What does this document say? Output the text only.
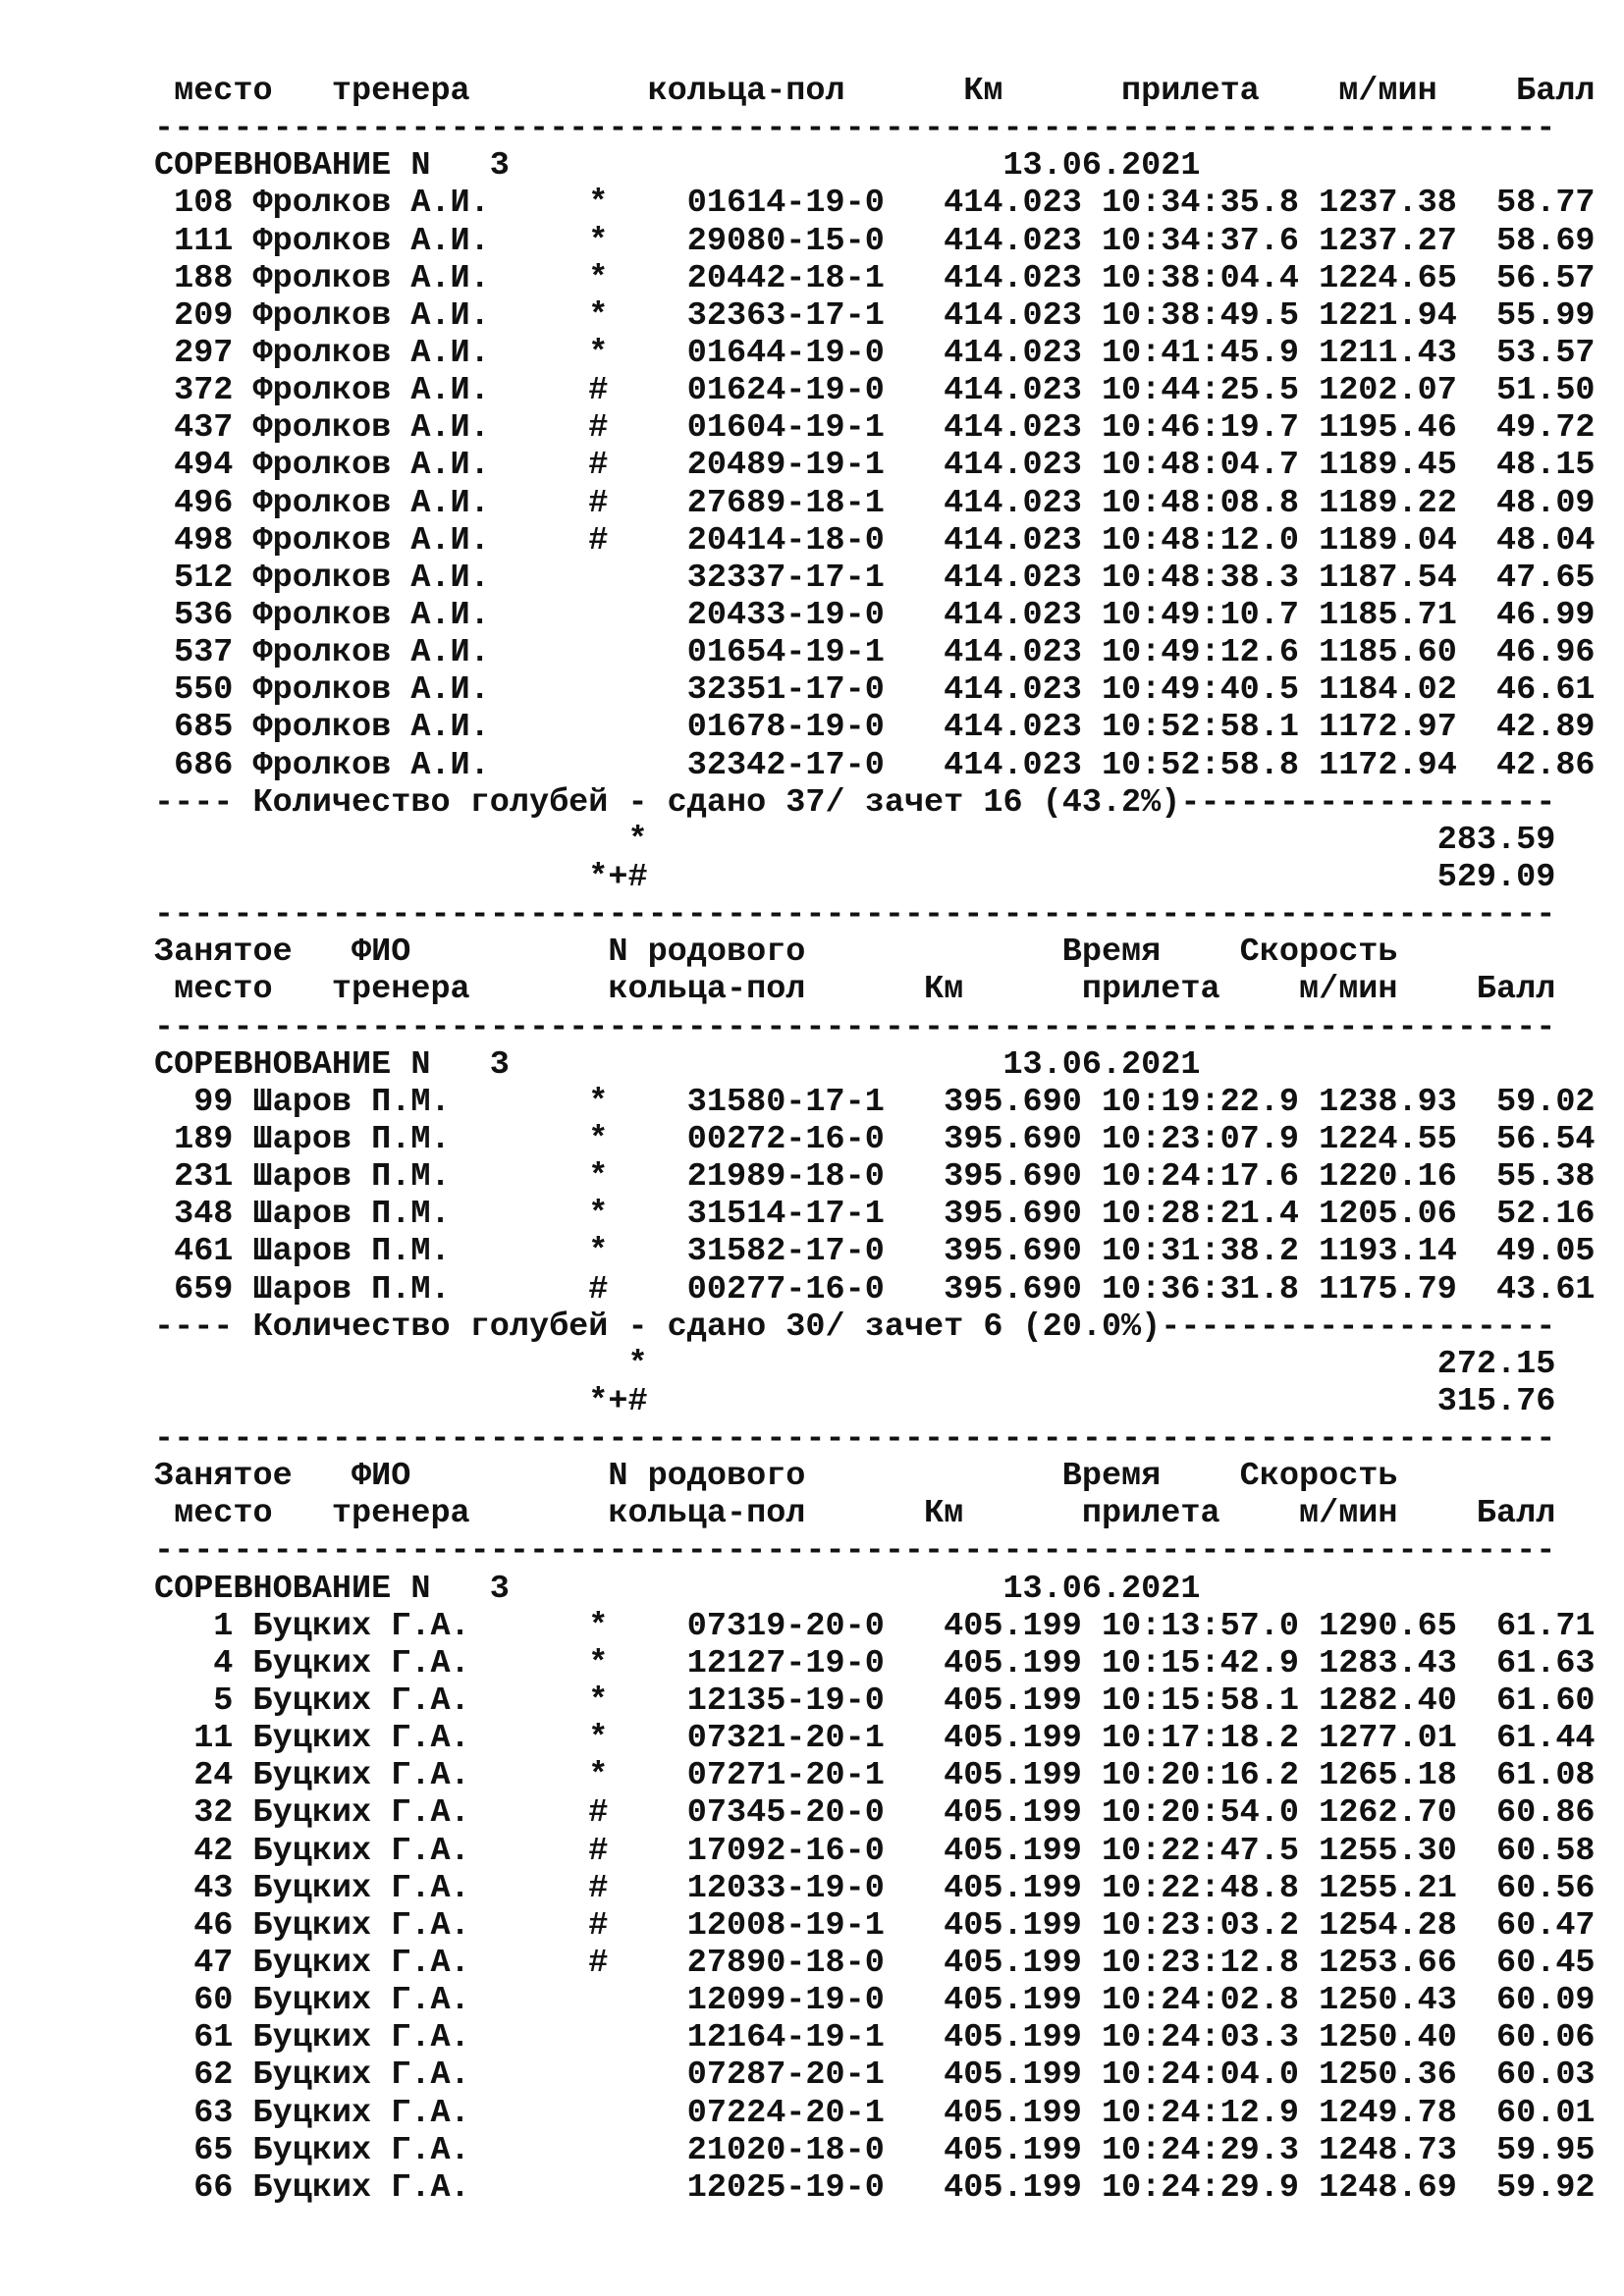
место   тренера         кольца-пол      Км      прилета    м/мин    Балл
-----------------------------------------------------------------------
СОРЕВНОВАНИЕ N   3                         13.06.2021
108 Фролков А.И.     *    01614-19-0   414.023 10:34:35.8 1237.38  58.77
111 Фролков А.И.     *    29080-15-0   414.023 10:34:37.6 1237.27  58.69
188 Фролков А.И.     *    20442-18-1   414.023 10:38:04.4 1224.65  56.57
209 Фролков А.И.     *    32363-17-1   414.023 10:38:49.5 1221.94  55.99
297 Фролков А.И.     *    01644-19-0   414.023 10:41:45.9 1211.43  53.57
372 Фролков А.И.     #    01624-19-0   414.023 10:44:25.5 1202.07  51.50
437 Фролков А.И.     #    01604-19-1   414.023 10:46:19.7 1195.46  49.72
494 Фролков А.И.     #    20489-19-1   414.023 10:48:04.7 1189.45  48.15
496 Фролков А.И.     #    27689-18-1   414.023 10:48:08.8 1189.22  48.09
498 Фролков А.И.     #    20414-18-0   414.023 10:48:12.0 1189.04  48.04
512 Фролков А.И.          32337-17-1   414.023 10:48:38.3 1187.54  47.65
536 Фролков А.И.          20433-19-0   414.023 10:49:10.7 1185.71  46.99
537 Фролков А.И.          01654-19-1   414.023 10:49:12.6 1185.60  46.96
550 Фролков А.И.          32351-17-0   414.023 10:49:40.5 1184.02  46.61
685 Фролков А.И.          01678-19-0   414.023 10:52:58.1 1172.97  42.89
686 Фролков А.И.          32342-17-0   414.023 10:52:58.8 1172.94  42.86
---- Количество голубей - сдано 37/ зачет 16 (43.2%)-------------------
*                                        283.59
*+#                                        529.09
-----------------------------------------------------------------------
Занятое   ФИО          N родового             Время    Скорость
место   тренера       кольца-пол      Км      прилета    м/мин    Балл
-----------------------------------------------------------------------
СОРЕВНОВАНИЕ N   3                         13.06.2021
99 Шаров П.М.       *    31580-17-1   395.690 10:19:22.9 1238.93  59.02
189 Шаров П.М.       *    00272-16-0   395.690 10:23:07.9 1224.55  56.54
231 Шаров П.М.       *    21989-18-0   395.690 10:24:17.6 1220.16  55.38
348 Шаров П.М.       *    31514-17-1   395.690 10:28:21.4 1205.06  52.16
461 Шаров П.М.       *    31582-17-0   395.690 10:31:38.2 1193.14  49.05
659 Шаров П.М.       #    00277-16-0   395.690 10:36:31.8 1175.79  43.61
---- Количество голубей - сдано 30/ зачет 6 (20.0%)--------------------
*                                        272.15
*+#                                        315.76
-----------------------------------------------------------------------
Занятое   ФИО          N родового             Время    Скорость
место   тренера       кольца-пол      Км      прилета    м/мин    Балл
-----------------------------------------------------------------------
СОРЕВНОВАНИЕ N   3                         13.06.2021
1 Буцких Г.А.      *    07319-20-0   405.199 10:13:57.0 1290.65  61.71
4 Буцких Г.А.      *    12127-19-0   405.199 10:15:42.9 1283.43  61.63
5 Буцких Г.А.      *    12135-19-0   405.199 10:15:58.1 1282.40  61.60
11 Буцких Г.А.      *    07321-20-1   405.199 10:17:18.2 1277.01  61.44
24 Буцких Г.А.      *    07271-20-1   405.199 10:20:16.2 1265.18  61.08
32 Буцких Г.А.      #    07345-20-0   405.199 10:20:54.0 1262.70  60.86
42 Буцких Г.А.      #    17092-16-0   405.199 10:22:47.5 1255.30  60.58
43 Буцких Г.А.      #    12033-19-0   405.199 10:22:48.8 1255.21  60.56
46 Буцких Г.А.      #    12008-19-1   405.199 10:23:03.2 1254.28  60.47
47 Буцких Г.А.      #    27890-18-0   405.199 10:23:12.8 1253.66  60.45
60 Буцких Г.А.           12099-19-0   405.199 10:24:02.8 1250.43  60.09
61 Буцких Г.А.           12164-19-1   405.199 10:24:03.3 1250.40  60.06
62 Буцких Г.А.           07287-20-1   405.199 10:24:04.0 1250.36  60.03
63 Буцких Г.А.           07224-20-1   405.199 10:24:12.9 1249.78  60.01
65 Буцких Г.А.           21020-18-0   405.199 10:24:29.3 1248.73  59.95
66 Буцких Г.А.           12025-19-0   405.199 10:24:29.9 1248.69  59.92
